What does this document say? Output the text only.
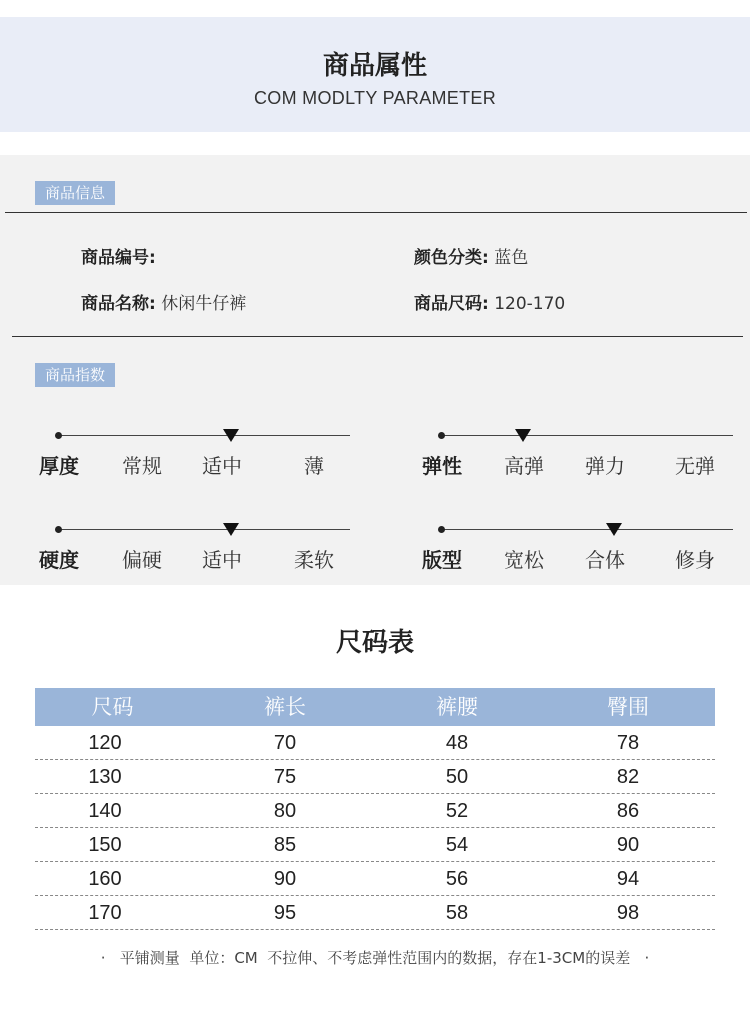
商品属性
COM MODLTY PARAMETER
商品信息
商品编号:	颜色分类: 蓝色
商品名称: 休闲牛仔裤	商品尺码: 120-170
商品指数
厚度 常规 适中	薄	弹性 高弹 弹力	无弹
硬度 偏硬 适中	柔软	版型 宽松 合体	修身
尺码表
尺码	裤长	裤腰	臀围
120	70	48	78
130	75	50	82
140	80	52	86
150	85	54	90
160	90	56	94
170	95	58	98
· 平铺测量  单位：CM  不拉伸、不考虑弹性范围内的数据，存在1-3CM的误差 ·
